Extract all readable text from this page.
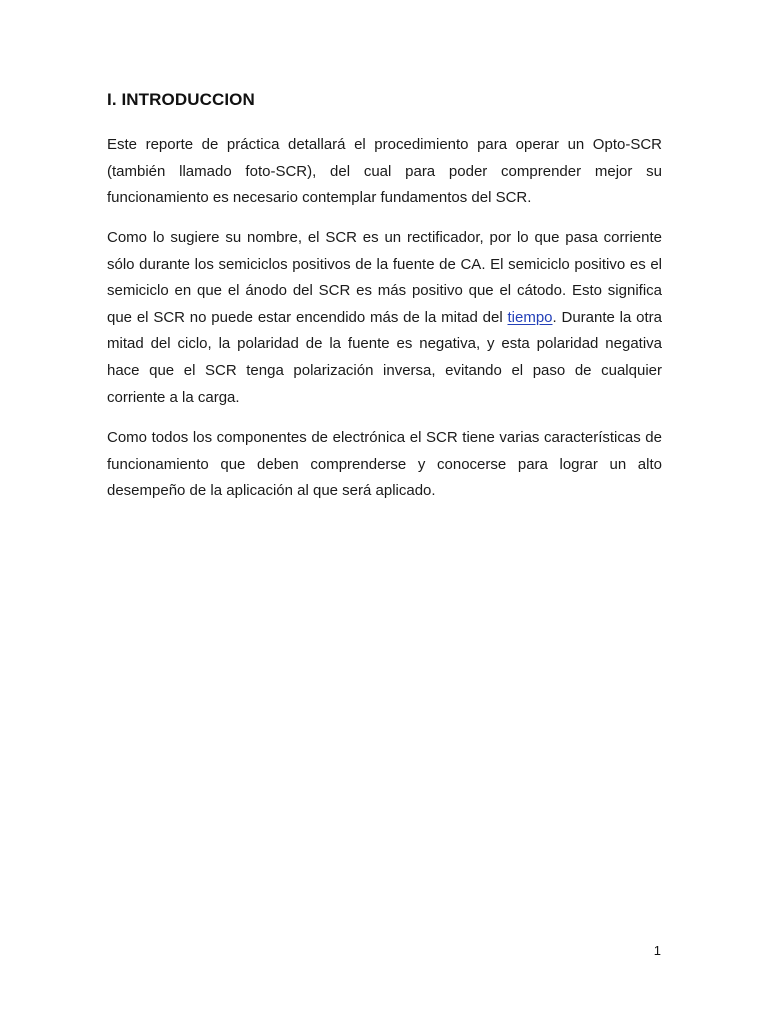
I. INTRODUCCION

Este reporte de práctica detallará el procedimiento para operar un Opto-SCR (también llamado foto-SCR), del cual para poder comprender mejor su funcionamiento es necesario contemplar fundamentos del SCR.

Como lo sugiere su nombre, el SCR es un rectificador, por lo que pasa corriente sólo durante los semiciclos positivos de la fuente de CA. El semiciclo positivo es el semiciclo en que el ánodo del SCR es más positivo que el cátodo. Esto significa que el SCR no puede estar encendido más de la mitad del tiempo. Durante la otra mitad del ciclo, la polaridad de la fuente es negativa, y esta polaridad negativa hace que el SCR tenga polarización inversa, evitando el paso de cualquier corriente a la carga.

Como todos los componentes de electrónica el SCR tiene varias características de funcionamiento que deben comprenderse y conocerse para lograr un alto desempeño de la aplicación al que será aplicado.

1
